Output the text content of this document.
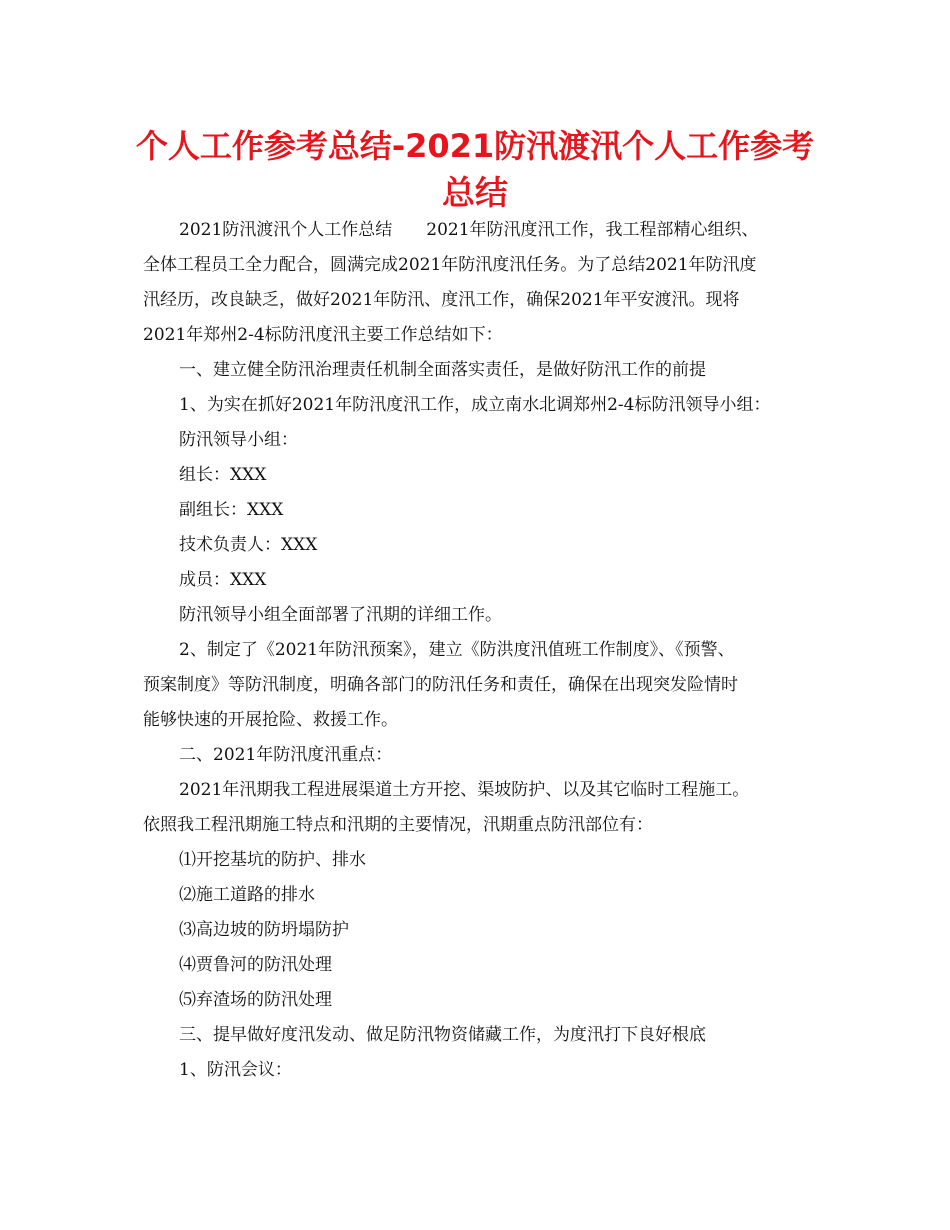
个人工作参考总结-2021防汛渡汛个人工作参考
总结

2021防汛渡汛个人工作总结　　2021年防汛度汛工作，我工程部精心组织、

全体工程员工全力配合，圆满完成2021年防汛度汛任务。为了总结2021年防汛度

汛经历，改良缺乏，做好2021年防汛、度汛工作，确保2021年平安渡汛。现将

2021年郑州2-4标防汛度汛主要工作总结如下：

一、建立健全防汛治理责任机制全面落实责任，是做好防汛工作的前提

1、为实在抓好2021年防汛度汛工作，成立南水北调郑州2-4标防汛领导小组：

防汛领导小组：

组长：XXX

副组长：XXX

技术负责人：XXX

成员：XXX

防汛领导小组全面部署了汛期的详细工作。

2、制定了《2021年防汛预案》，建立《防洪度汛值班工作制度》、《预警、

预案制度》等防汛制度，明确各部门的防汛任务和责任，确保在出现突发险情时

能够快速的开展抢险、救援工作。

二、2021年防汛度汛重点：

2021年汛期我工程进展渠道土方开挖、渠坡防护、以及其它临时工程施工。

依照我工程汛期施工特点和汛期的主要情况，汛期重点防汛部位有：

⑴开挖基坑的防护、排水

⑵施工道路的排水

⑶高边坡的防坍塌防护

⑷贾鲁河的防汛处理

⑸弃渣场的防汛处理

三、提早做好度汛发动、做足防汛物资储藏工作，为度汛打下良好根底

1、防汛会议：
